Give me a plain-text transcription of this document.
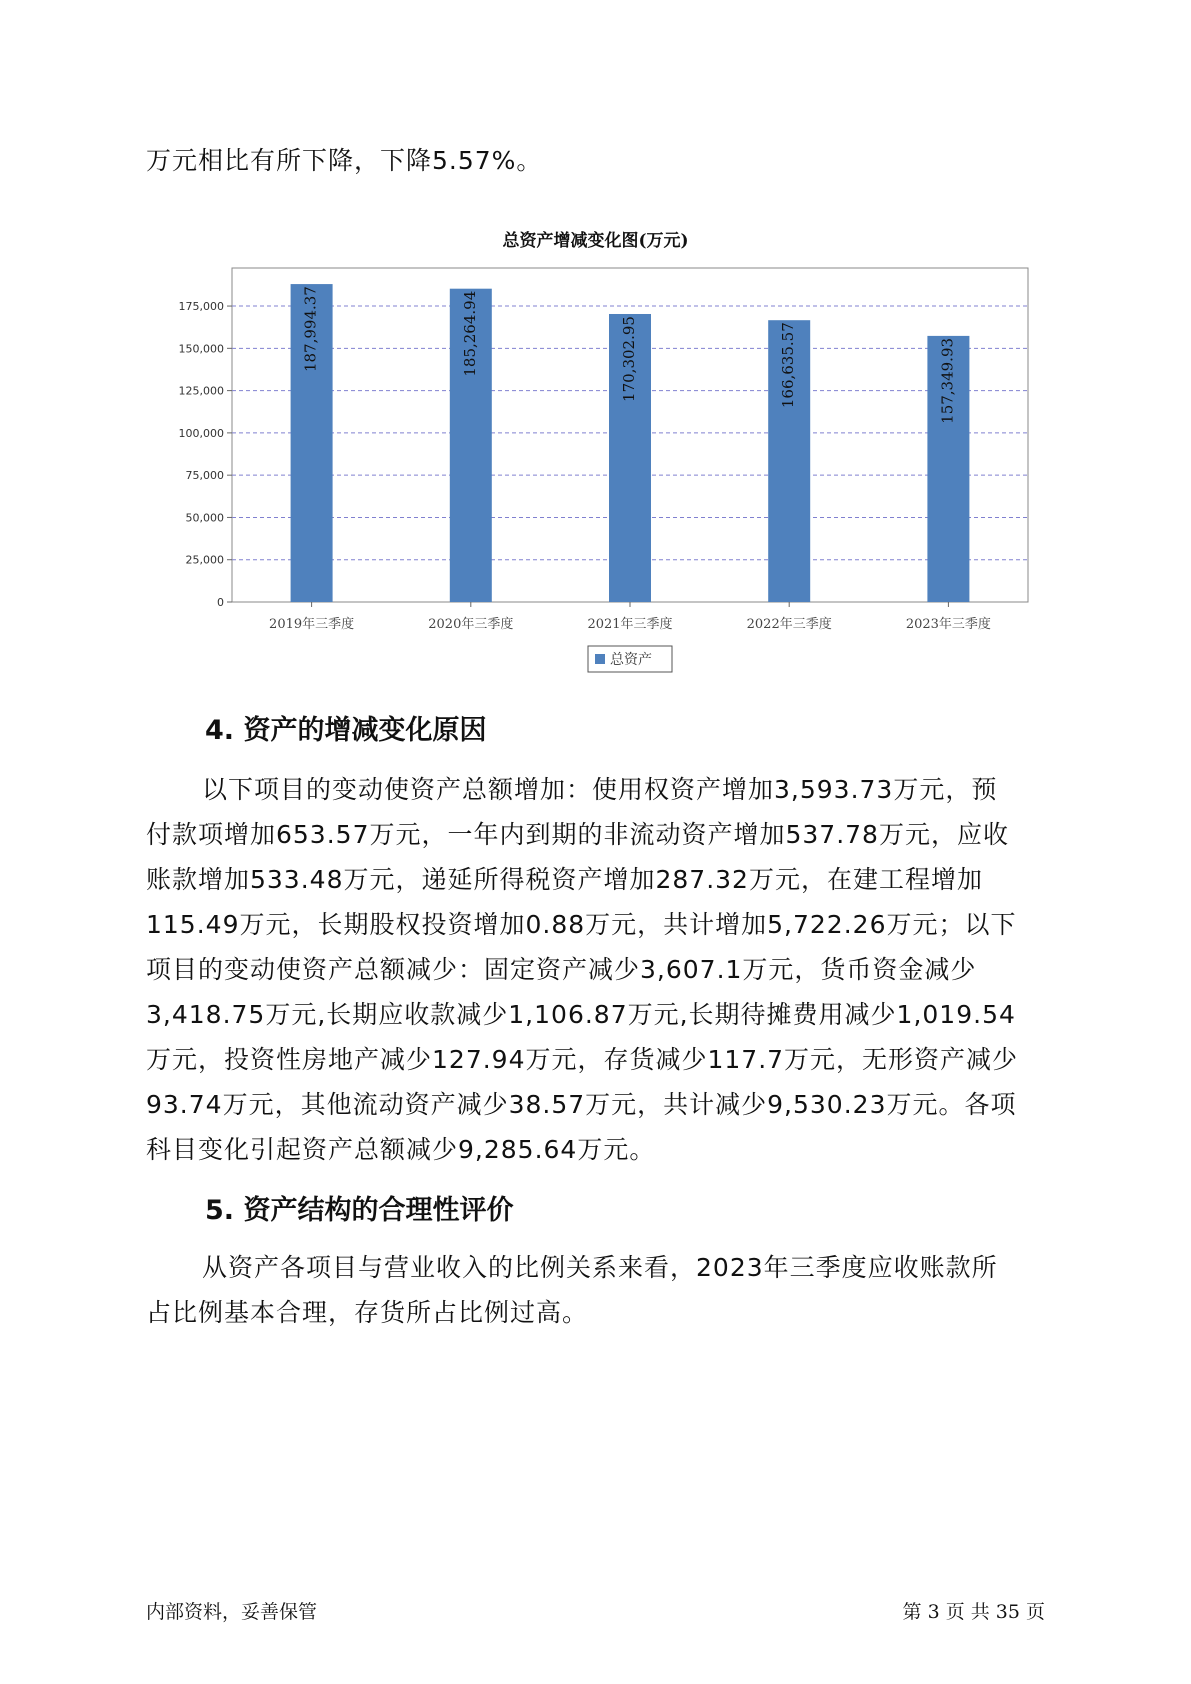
万元相比有所下降，下降5.57%。
总资产增减变化图(万元)
0
25,000
50,000
75,000
100,000
125,000
150,000
175,000	187,994.37
2019年三季度
185,264.94
2020年三季度
170,302.95
2021年三季度
166,635.57
2022年三季度
157,349.93
2023年三季度
总资产
4. 资产的增减变化原因
以下项目的变动使资产总额增加：使用权资产增加3,593.73万元，预
付款项增加653.57万元，一年内到期的非流动资产增加537.78万元，应收
账款增加533.48万元，递延所得税资产增加287.32万元，在建工程增加
115.49万元，长期股权投资增加0.88万元，共计增加5,722.26万元；以下
项目的变动使资产总额减少：固定资产减少3,607.1万元，货币资金减少
3,418.75万元,长期应收款减少1,106.87万元,长期待摊费用减少1,019.54
万元，投资性房地产减少127.94万元，存货减少117.7万元，无形资产减少
93.74万元，其他流动资产减少38.57万元，共计减少9,530.23万元。各项
科目变化引起资产总额减少9,285.64万元。
5. 资产结构的合理性评价
从资产各项目与营业收入的比例关系来看，2023年三季度应收账款所
占比例基本合理，存货所占比例过高。
内部资料，妥善保管	第 3 页 共 35 页
